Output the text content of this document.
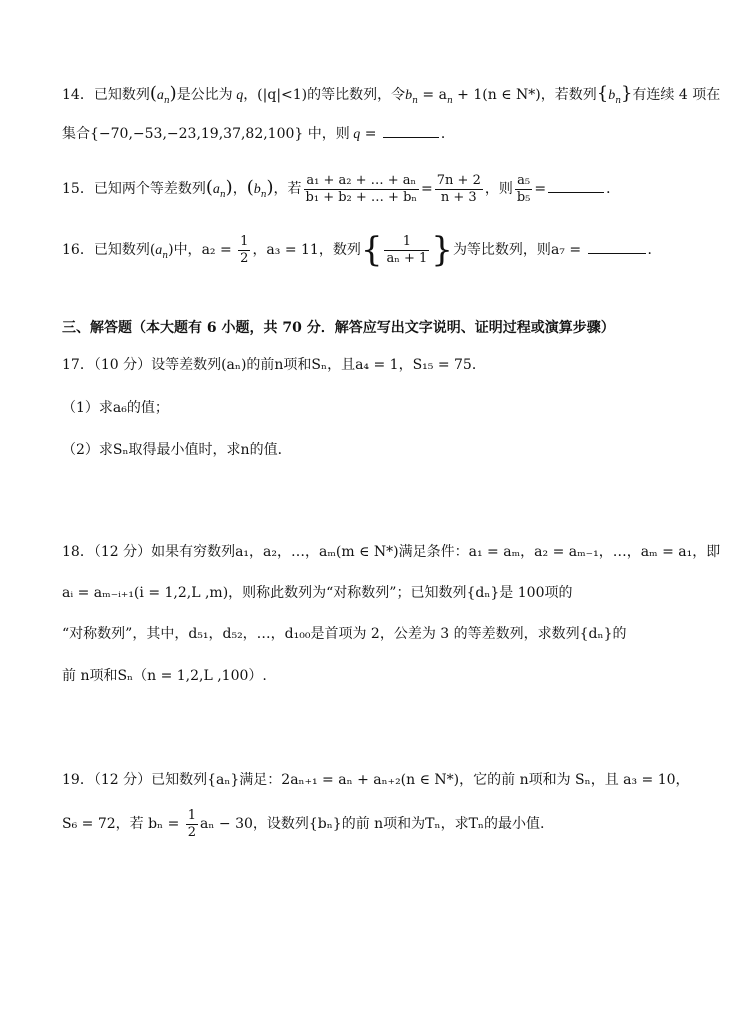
14．已知数列$(a_n)$是公比为 q，(|q|<1)的等比数列，令$b_n = a_n + 1(n$ ∈ N*)，若数列$\{b_n\}$有连续 4 项在
集合{−70,−53,−23,19,37,82,100} 中，则 q =	．
15．已知两个等差数列$(a_n)$，$(b_n)$，若 $\frac{\text{a₁ + a₂ + … + aₙ}}{\text{b₁ + b₂ + … + bₙ}} = \frac{7n + 2}{n + 3}$ ，则 $\frac{\text{a₅}}{\text{b₅}}$ =	．
16．已知数列$(a_n)$中，$a_2 = \frac{1}{2}$ ，a₃ = 11，数列{ $\frac{1}{\text{aₙ + 1}}$ }为等比数列，则a₇ =	．
三、解答题（本大题有 6 小题，共 70 分．解答应写出文字说明、证明过程或演算步骤）
17．（10 分）设等差数列(aₙ)的前n项和Sₙ，且a₄ = 1，S₁₅ = 75．
（1）求a₆的值；
（2）求Sₙ取得最小值时，求n的值．
18．（12 分）如果有穷数列a₁，a₂，…，aₘ(m ∈ N*)满足条件：a₁ = aₘ，a₂ = aₘ₋₁，…，aₘ = a₁，即
aᵢ = aₘ₋ᵢ₊₁(i = 1,2,L ,m)，则称此数列为“对称数列”；已知数列{dₙ}是 100项的
“对称数列”，其中，d₅₁，d₅₂，…，d₁₀₀是首项为 2，公差为 3 的等差数列，求数列{dₙ}的
前 n项和Sₙ（n = 1,2,L ,100）.
19．（12 分）已知数列{aₙ}满足：2aₙ₊₁ = aₙ + aₙ₊₂(n ∈ N*)，它的前 n项和为 Sₙ，且 a₃ = 10，
S₆ = 72，若 $b_n = \frac{1}{2}$ aₙ − 30，设数列{bₙ}的前 n项和为Tₙ，求Tₙ的最小值.
